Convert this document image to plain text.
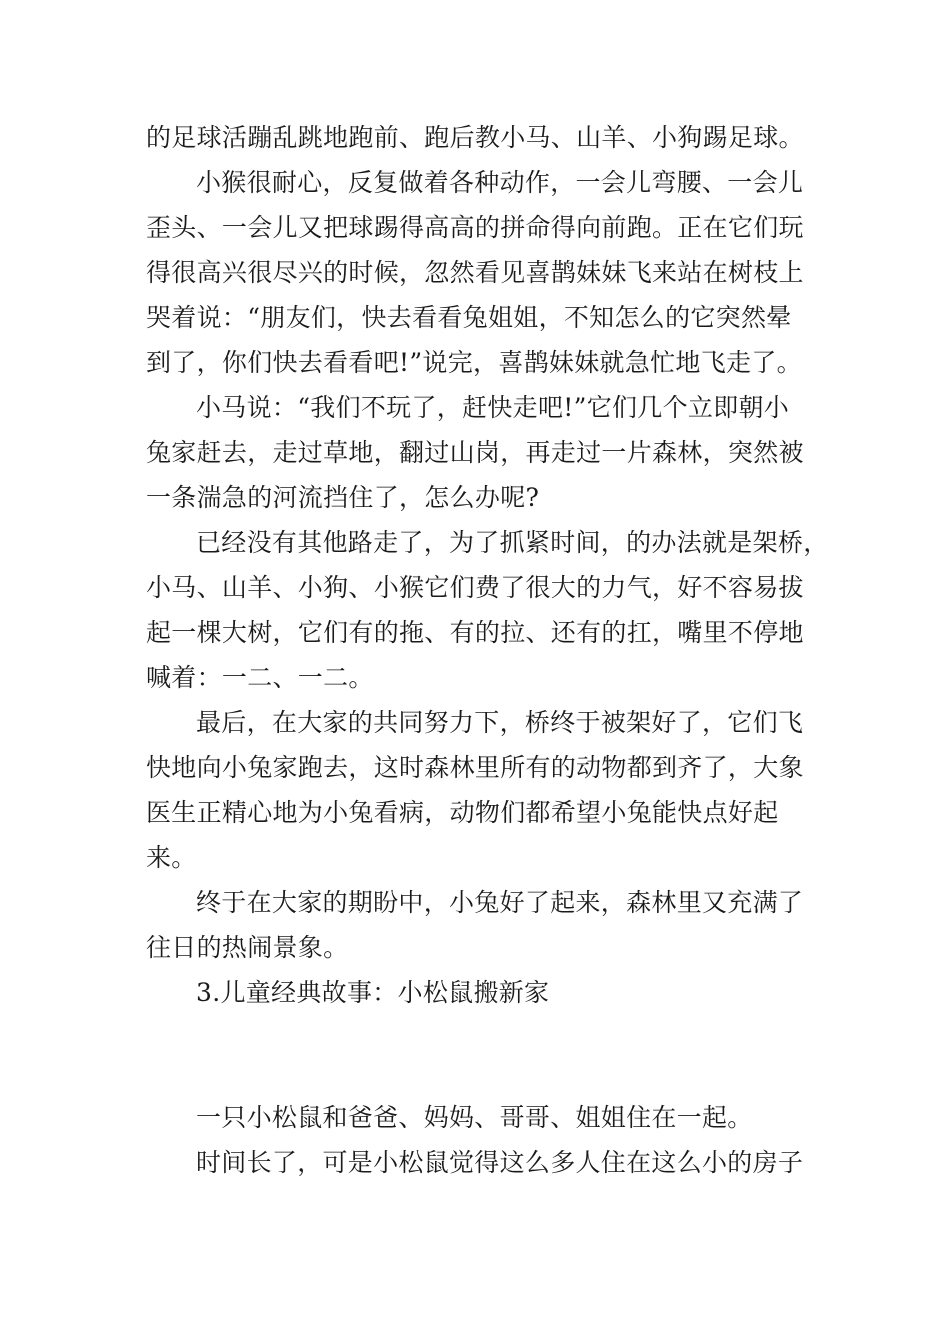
的足球活蹦乱跳地跑前、跑后教小马、山羊、小狗踢足球。
小猴很耐心，反复做着各种动作，一会儿弯腰、一会儿
歪头、一会儿又把球踢得高高的拼命得向前跑。正在它们玩
得很高兴很尽兴的时候，忽然看见喜鹊妹妹飞来站在树枝上
哭着说：“朋友们，快去看看兔姐姐，不知怎么的它突然晕
到了，你们快去看看吧!”说完，喜鹊妹妹就急忙地飞走了。
小马说：“我们不玩了，赶快走吧!”它们几个立即朝小
兔家赶去，走过草地，翻过山岗，再走过一片森林，突然被
一条湍急的河流挡住了，怎么办呢?
已经没有其他路走了，为了抓紧时间，的办法就是架桥，
小马、山羊、小狗、小猴它们费了很大的力气，好不容易拔
起一棵大树，它们有的拖、有的拉、还有的扛，嘴里不停地
喊着：一二、一二。
最后，在大家的共同努力下，桥终于被架好了，它们飞
快地向小兔家跑去，这时森林里所有的动物都到齐了，大象
医生正精心地为小兔看病，动物们都希望小兔能快点好起
来。
终于在大家的期盼中，小兔好了起来，森林里又充满了
往日的热闹景象。
3.儿童经典故事：小松鼠搬新家
一只小松鼠和爸爸、妈妈、哥哥、姐姐住在一起。
时间长了，可是小松鼠觉得这么多人住在这么小的房子
